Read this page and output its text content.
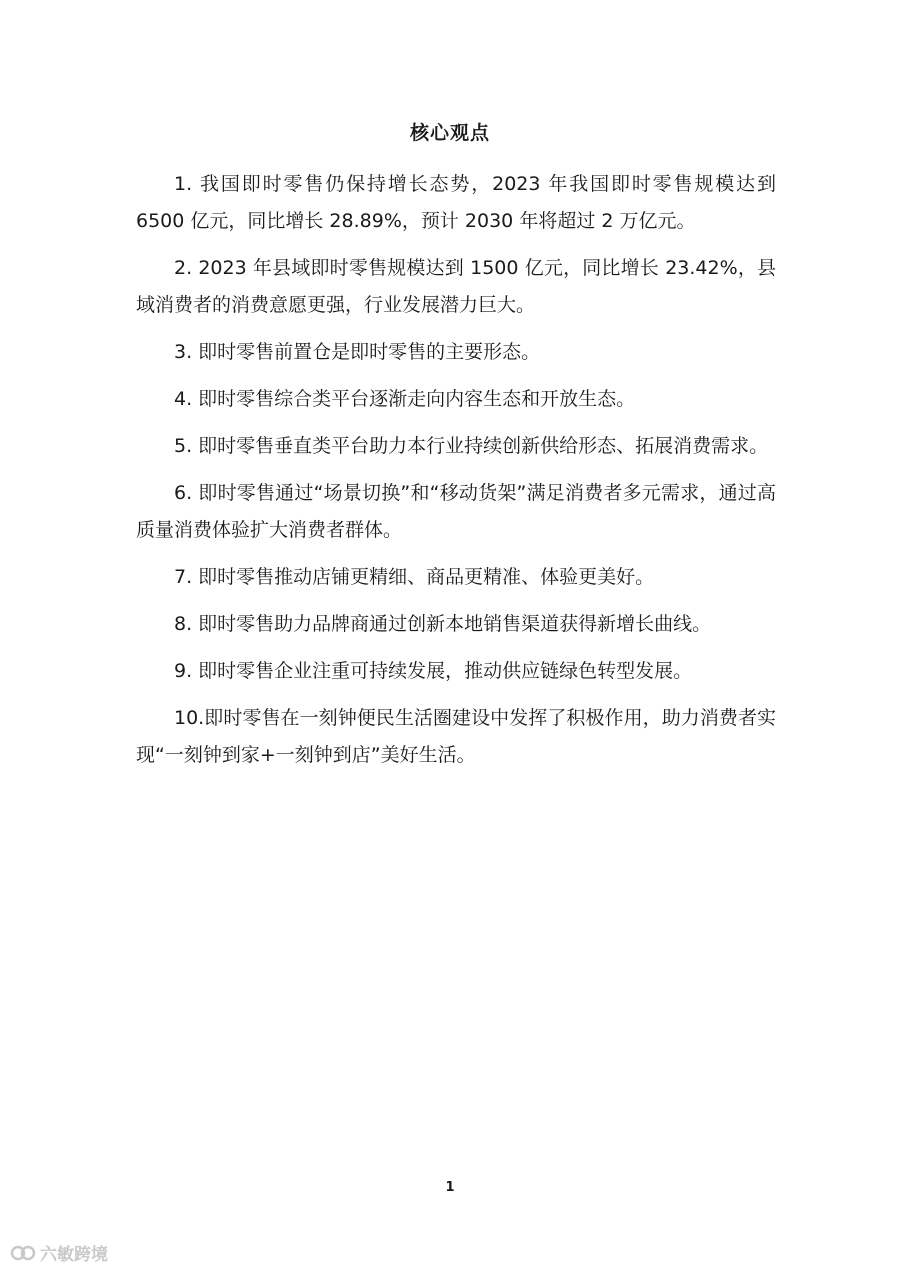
核心观点
1. 我国即时零售仍保持增长态势，2023 年我国即时零售规模达到 6500 亿元，同比增长 28.89%，预计 2030 年将超过 2 万亿元。
2. 2023 年县域即时零售规模达到 1500 亿元，同比增长 23.42%，县域消费者的消费意愿更强，行业发展潜力巨大。
3. 即时零售前置仓是即时零售的主要形态。
4. 即时零售综合类平台逐渐走向内容生态和开放生态。
5. 即时零售垂直类平台助力本行业持续创新供给形态、拓展消费需求。
6. 即时零售通过“场景切换”和“移动货架”满足消费者多元需求，通过高质量消费体验扩大消费者群体。
7. 即时零售推动店铺更精细、商品更精准、体验更美好。
8. 即时零售助力品牌商通过创新本地销售渠道获得新增长曲线。
9. 即时零售企业注重可持续发展，推动供应链绿色转型发展。
10.即时零售在一刻钟便民生活圈建设中发挥了积极作用，助力消费者实现“一刻钟到家+一刻钟到店”美好生活。
1
六敏跨境
